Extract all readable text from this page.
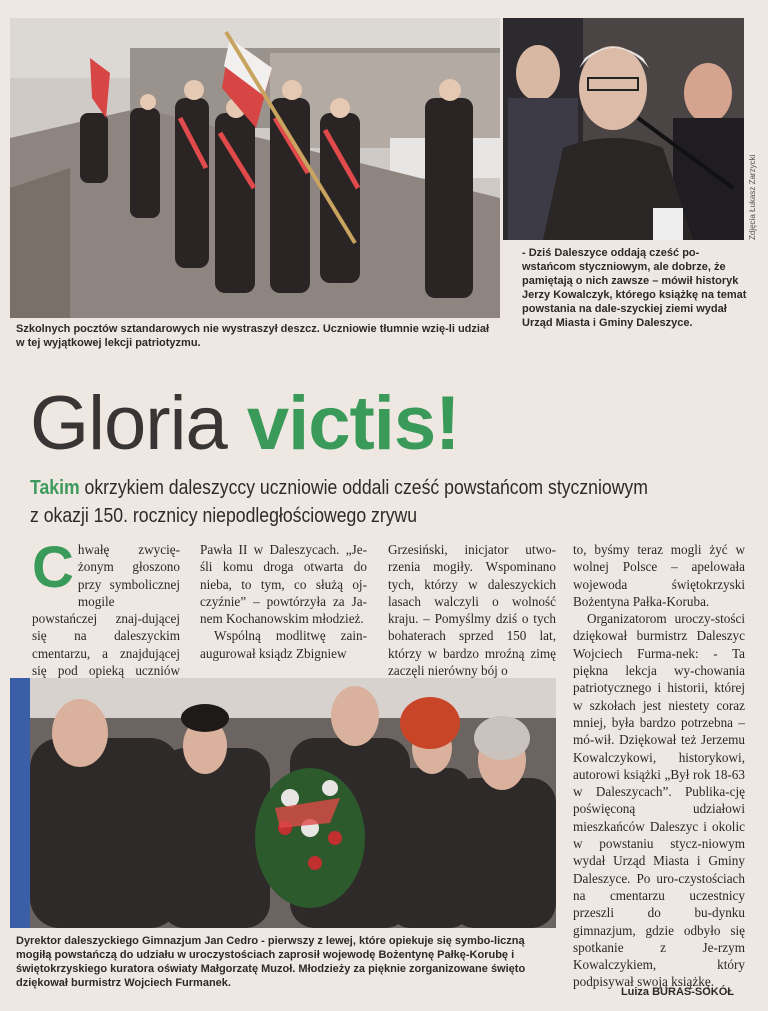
Zdjęcia Łukasz Zarzycki
Szkolnych pocztów sztandarowych nie wystraszył deszcz. Uczniowie tłumnie wzię-li udział w tej wyjątkowej lekcji patriotyzmu.
- Dziś Daleszyce oddają cześć po-wstańcom styczniowym, ale dobrze, że pamiętają o nich zawsze – mówił historyk Jerzy Kowalczyk, którego książkę na temat powstania na dale-szyckiej ziemi wydał Urząd Miasta i Gminy Daleszyce.
Gloria victis!
Takim okrzykiem daleszyccy uczniowie oddali cześć powstańcom styczniowym
z okazji 150. rocznicy niepodległościowego zrywu
Chwałę zwycię-żonym głoszono przy symbolicznej mogile powstańczej znaj-dującej się na daleszyckim cmentarzu, a znajdującej się pod opieką uczniów
Pawła II w Daleszycach. „Je-śli komu droga otwarta do nieba, to tym, co służą oj-czyźnie” – powtórzyła za Ja-nem Kochanowskim młodzież.

Wspólną modlitwę zain-augurował ksiądz Zbigniew
Grzesiński, inicjator utwo-rzenia mogiły. Wspominano tych, którzy w daleszyckich lasach walczyli o wolność kraju. – Pomyślmy dziś o tych bohaterach sprzed 150 lat, którzy w bardzo mroźną zimę zaczęli nierówny bój o
to, byśmy teraz mogli żyć w wolnej Polsce – apelowała wojewoda świętokrzyski Bożentyna Pałka-Koruba.

Organizatorom uroczy-stości dziękował burmistrz Daleszyc Wojciech Furma-nek: - Ta piękna lekcja wy-chowania patriotycznego i historii, której w szkołach jest niestety coraz mniej, była bardzo potrzebna – mó-wił. Dziękował też Jerzemu Kowalczykowi, historykowi, autorowi książki „Był rok 18-63 w Daleszycach”. Publika-cję poświęconą udziałowi mieszkańców Daleszyc i okolic w powstaniu stycz-niowym wydał Urząd Miasta i Gminy Daleszyce. Po uro-czystościach na cmentarzu uczestnicy przeszli do bu-dynku gimnazjum, gdzie odbyło się spotkanie z Je-rzym Kowalczykiem, który podpisywał swoją książkę.
Dyrektor daleszyckiego Gimnazjum Jan Cedro - pierwszy z lewej, które opiekuje się symbo-liczną mogiłą powstańczą do udziału w uroczystościach zaprosił wojewodę Bożentynę Pałkę-Korubę i świętokrzyskiego kuratora oświaty Małgorzatę Muzoł. Młodzieży za pięknie zorganizowane święto dziękował burmistrz Wojciech Furmanek.
Luiza BURAS-SOKÓŁ
